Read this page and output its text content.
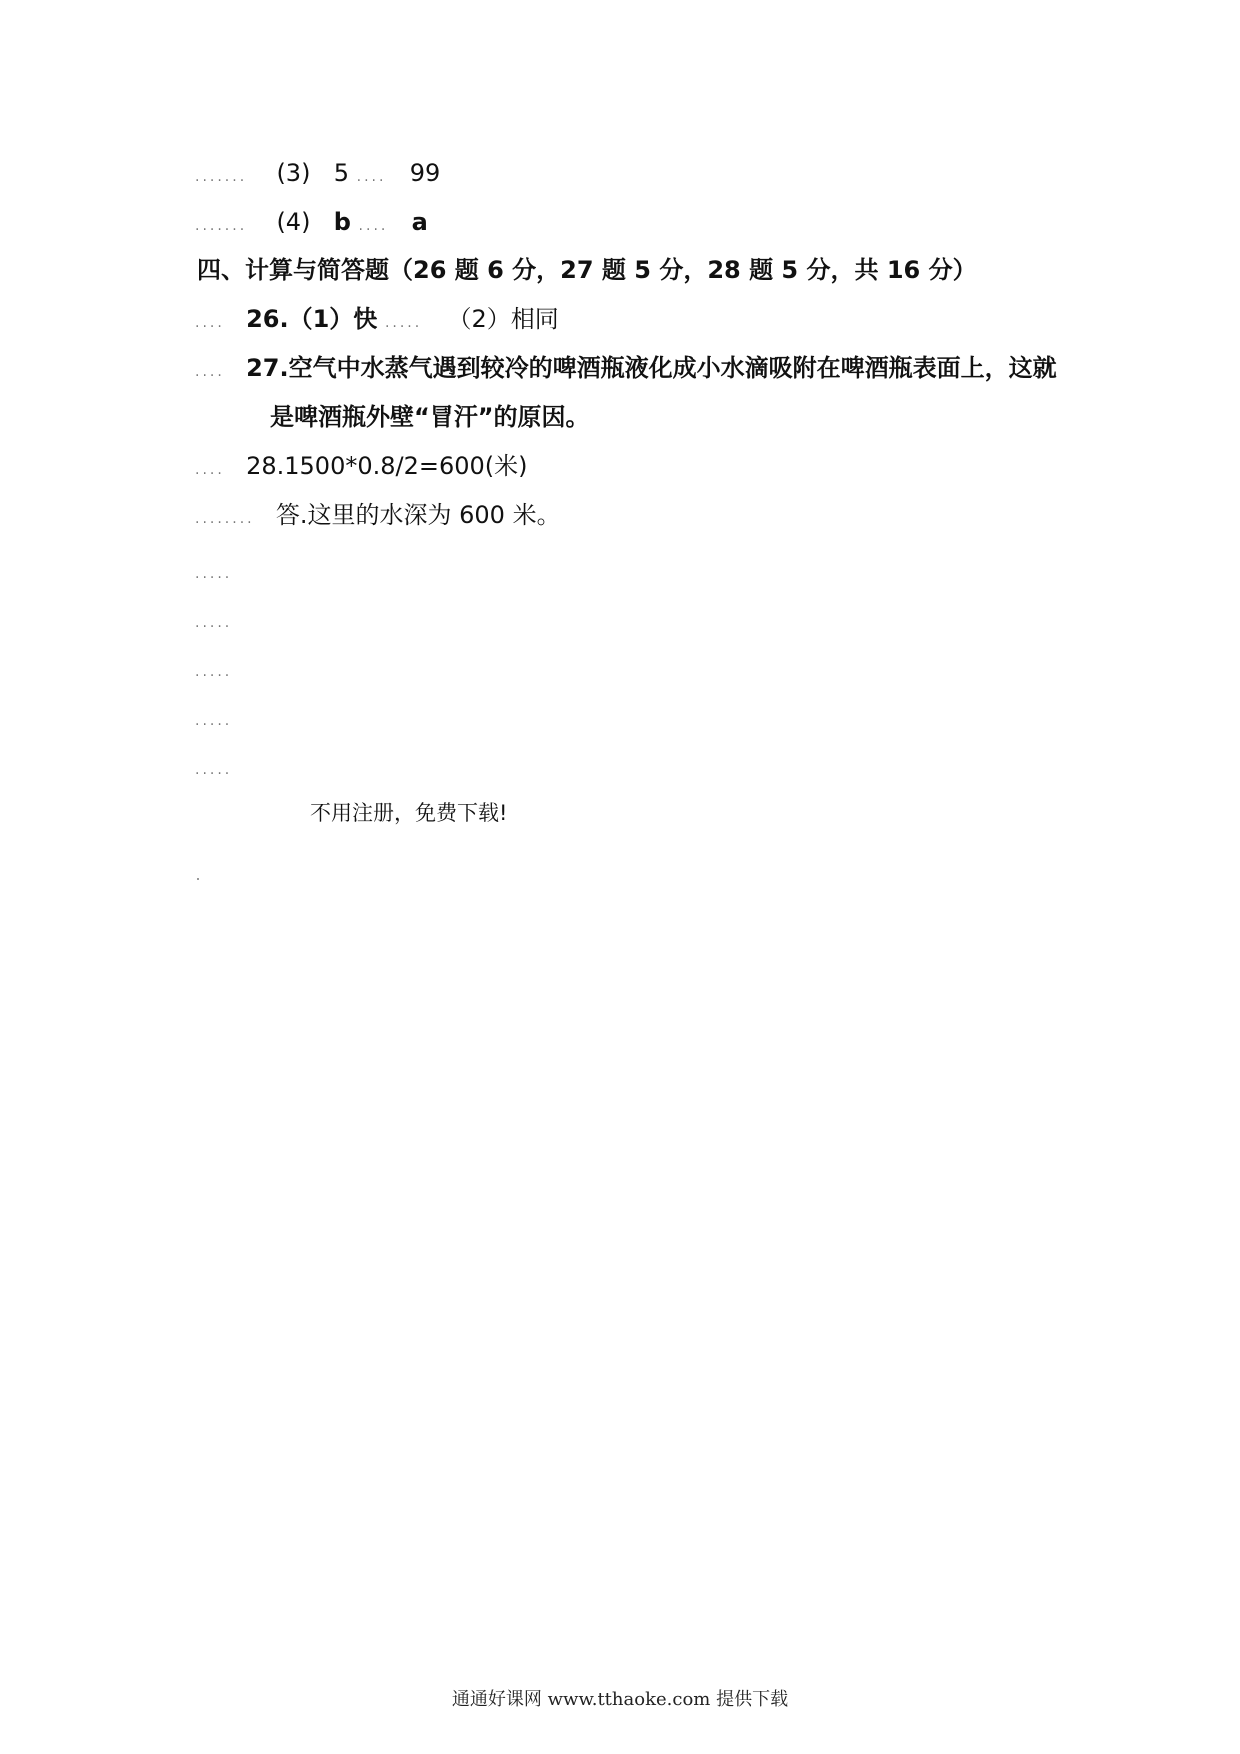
....... (3) 5 .... 99
....... (4) b .... a
四、计算与简答题（26 题 6 分，27 题 5 分，28 题 5 分，共 16 分）
.... 26.（1）快 ..... （2）相同
.... 27.空气中水蒸气遇到较冷的啤酒瓶液化成小水滴吸附在啤酒瓶表面上，这就
是啤酒瓶外壁“冒汗”的原因。
.... 28.1500*0.8/2=600(米)
........ 答.这里的水深为 600 米。
.....
.....
.....
.....
.....
不用注册，免费下载!
通通好课网 www.tthaoke.com 提供下载
